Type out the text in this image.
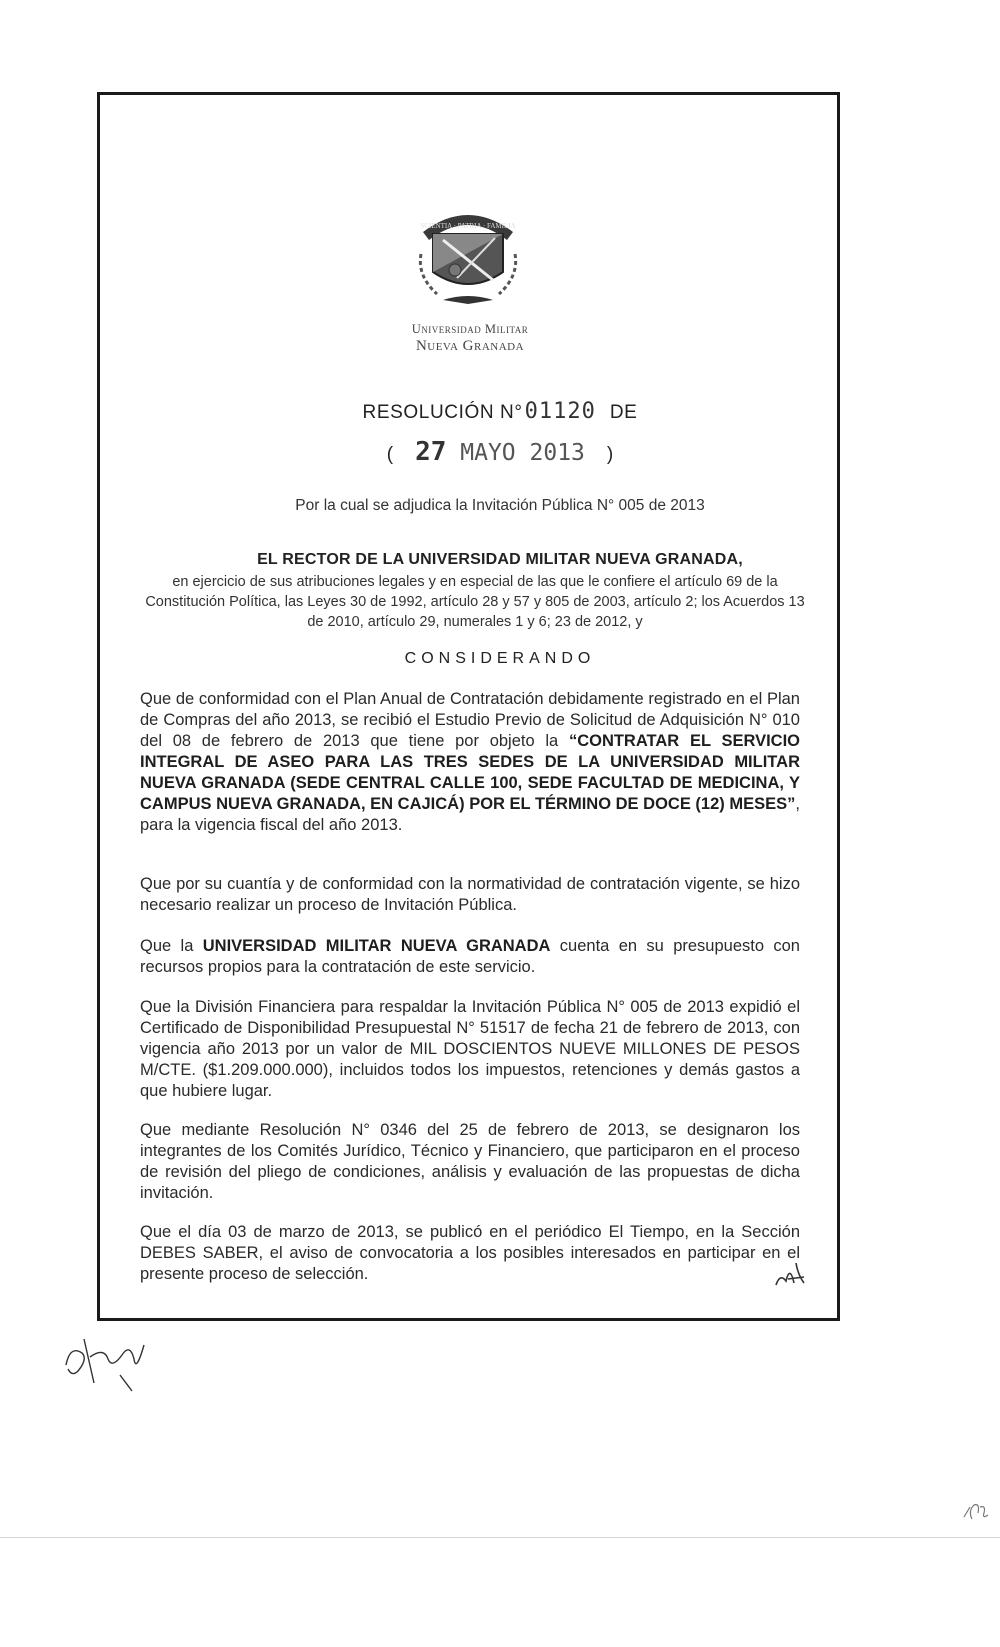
SCIENTIA · PATRIA · FAMILIA
Universidad Militar
Nueva Granada
RESOLUCIÓN N°01120 DE
( 27 MAYO 2013 )
Por la cual se adjudica la Invitación Pública N° 005 de 2013
EL RECTOR DE LA UNIVERSIDAD MILITAR NUEVA GRANADA,
en ejercicio de sus atribuciones legales y en especial de las que le confiere el artículo 69 de la Constitución Política, las Leyes 30 de 1992, artículo 28 y 57 y 805 de 2003, artículo 2; los Acuerdos 13 de 2010, artículo 29, numerales 1 y 6; 23 de 2012, y
CONSIDERANDO

Que de conformidad con el Plan Anual de Contratación debidamente registrado en el Plan de Compras del año 2013, se recibió el Estudio Previo de Solicitud de Adquisición N° 010 del 08 de febrero de 2013 que tiene por objeto la “CONTRATAR EL SERVICIO INTEGRAL DE ASEO PARA LAS TRES SEDES DE LA UNIVERSIDAD MILITAR NUEVA GRANADA (SEDE CENTRAL CALLE 100, SEDE FACULTAD DE MEDICINA, Y CAMPUS NUEVA GRANADA, EN CAJICÁ) POR EL TÉRMINO DE DOCE (12) MESES”, para la vigencia fiscal del año 2013.

Que por su cuantía y de conformidad con la normatividad de contratación vigente, se hizo necesario realizar un proceso de Invitación Pública.

Que la UNIVERSIDAD MILITAR NUEVA GRANADA cuenta en su presupuesto con recursos propios para la contratación de este servicio.

Que la División Financiera para respaldar la Invitación Pública N° 005 de 2013 expidió el Certificado de Disponibilidad Presupuestal N° 51517 de fecha 21 de febrero de 2013, con vigencia año 2013 por un valor de MIL DOSCIENTOS NUEVE MILLONES DE PESOS M/CTE. ($1.209.000.000), incluidos todos los impuestos, retenciones y demás gastos a que hubiere lugar.

Que mediante Resolución N° 0346 del 25 de febrero de 2013, se designaron los integrantes de los Comités Jurídico, Técnico y Financiero, que participaron en el proceso de revisión del pliego de condiciones, análisis y evaluación de las propuestas de dicha invitación.

Que el día 03 de marzo de 2013, se publicó en el periódico El Tiempo, en la Sección DEBES SABER, el aviso de convocatoria a los posibles interesados en participar en el presente proceso de selección.
